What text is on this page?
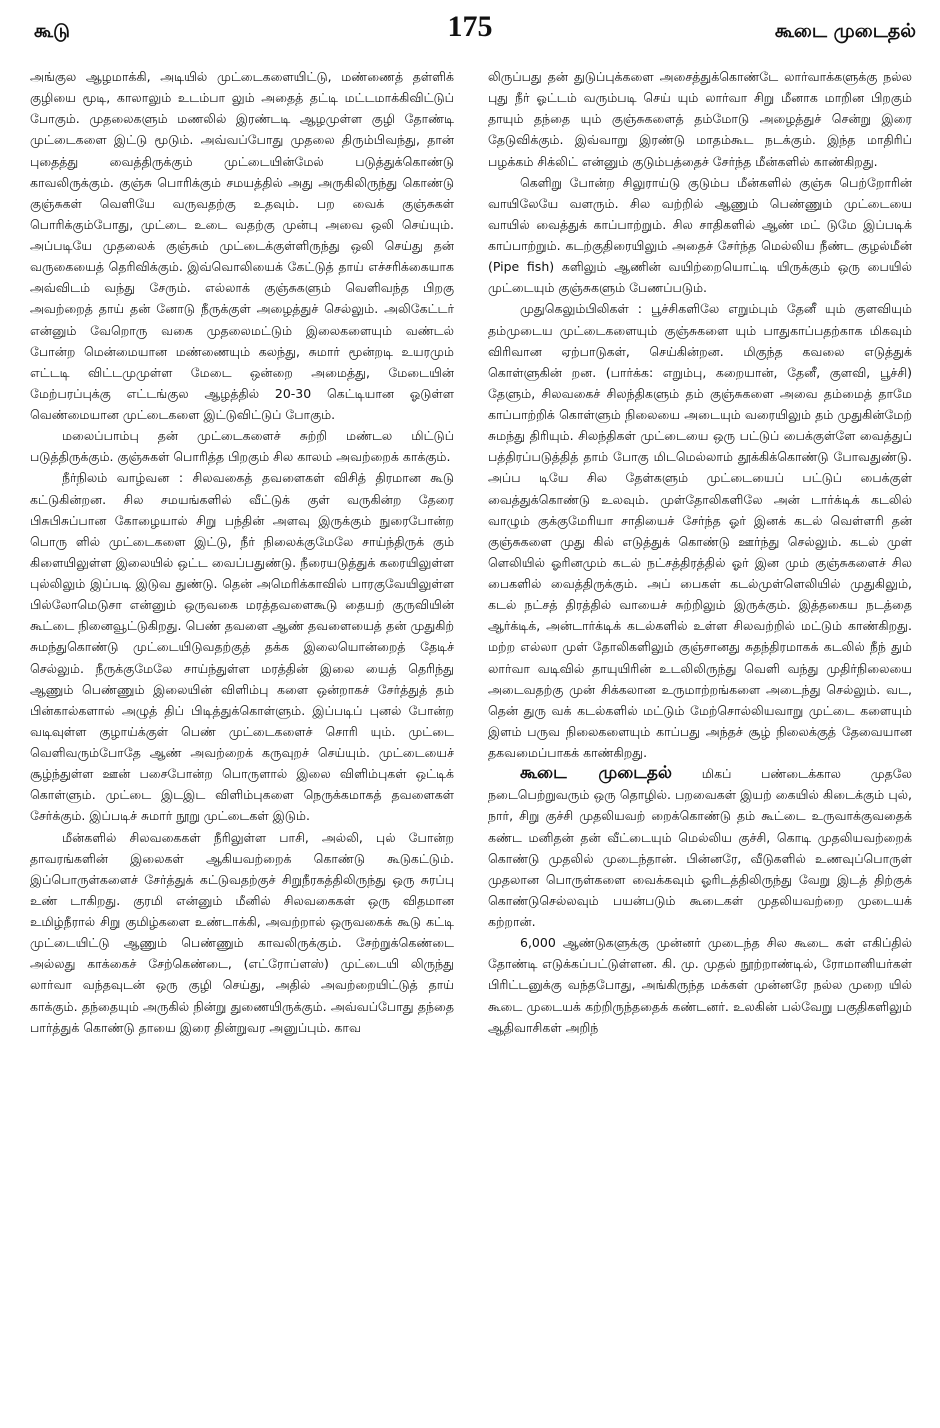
கூடு	175	கூடை முடைதல்

அங்குல ஆழமாக்கி, அடியில் முட்டைகளையிட்டு, மண்ணைத் தள்ளிக் குழியை மூடி, காலாலும் உடம்பா லும் அதைத் தட்டி மட்டமாக்கிவிட்டுப் போகும். முதலைகளும் மணலில் இரண்டடி ஆழமுள்ள குழி தோண்டி முட்டைகளை இட்டு மூடும். அவ்வப்போது முதலை திரும்பிவந்து, தான் புதைத்து வைத்திருக்கும் முட்டையின்மேல் படுத்துக்கொண்டு காவலிருக்கும். குஞ்சு பொரிக்கும் சமயத்தில் அது அருகிலிருந்து கொண்டு குஞ்சுகள் வெளியே வருவதற்கு உதவும். பற வைக் குஞ்சுகள் பொரிக்கும்போது, முட்டை உடை வதற்கு முன்பு அவை ஒலி செய்யும். அப்படியே முதலைக் குஞ்சும் முட்டைக்குள்ளிருந்து ஒலி செய்து தன் வருகையைத் தெரிவிக்கும். இவ்வொலியைக் கேட்டுத் தாய் எச்சரிக்கையாக அவ்விடம் வந்து சேரும். எல்லாக் குஞ்சுகளும் வெளிவந்த பிறகு அவற்றைத் தாய் தன் னோடு நீருக்குள் அழைத்துச் செல்லும். அலிகேட்டர் என்னும் வேறொரு வகை முதலைமட்டும் இலைகளையும் வண்டல் போன்ற மென்மையான மண்ணையும் கலந்து, சுமார் மூன்றடி உயரமும் எட்டடி விட்டமுமுள்ள மேடை ஒன்றை அமைத்து, மேடையின் மேற்பரப்புக்கு எட்டங்குல ஆழத்தில் 20-30 கெட்டியான ஓடுள்ள வெண்மையான முட்டைகளை இட்டுவிட்டுப் போகும்.

மலைப்பாம்பு தன் முட்டைகளைச் சுற்றி மண்டல மிட்டுப் படுத்திருக்கும். குஞ்சுகள் பொரித்த பிறகும் சில காலம் அவற்றைக் காக்கும்.

நீர்நிலம் வாழ்வன : சிலவகைத் தவளைகள் விசித் திரமான கூடு கட்டுகின்றன. சில சமயங்களில் வீட்டுக் குள் வருகின்ற தேரை பிசுபிசுப்பான கோழையால் சிறு பந்தின் அளவு இருக்கும் நுரைபோன்ற பொரு ளில் முட்டைகளை இட்டு, நீர் நிலைக்குமேலே சாய்ந்திருக் கும் கிளையிலுள்ள இலையில் ஒட்ட வைப்பதுண்டு. நீரையடுத்துக் கரையிலுள்ள புல்லிலும் இப்படி இடுவ துண்டு. தென் அமெரிக்காவில் பாரகுவேயிலுள்ள பில்லோமெடுசா என்னும் ஒருவகை மரத்தவளைகூடு தையற் குருவியின் கூட்டை நினைவூட்டுகிறது. பெண் தவளை ஆண் தவளையைத் தன் முதுகிற் சுமந்துகொண்டு முட்டையிடுவதற்குத் தக்க இலையொன்றைத் தேடிச் செல்லும். நீருக்குமேலே சாய்ந்துள்ள மரத்தின் இலை யைத் தெரிந்து ஆணும் பெண்ணும் இலையின் விளிம்பு களை ஒன்றாகச் சேர்த்துத் தம் பின்கால்களால் அழுத் திப் பிடித்துக்கொள்ளும். இப்படிப் புனல் போன்ற வடிவுள்ள குழாய்க்குள் பெண் முட்டைகளைச் சொரி யும். முட்டை வெளிவரும்போதே ஆண் அவற்றைக் கருவுறச் செய்யும். முட்டையைச் சூழ்ந்துள்ள ஊன் பசைபோன்ற பொருளால் இலை விளிம்புகள் ஒட்டிக் கொள்ளும். முட்டை இடஇட விளிம்புகளை நெருக்கமாகத் தவளைகள் சேர்க்கும். இப்படிச் சுமார் நூறு முட்டைகள் இடும்.

மீன்களில் சிலவகைகள் நீரிலுள்ள பாசி, அல்லி, புல் போன்ற தாவரங்களின் இலைகள் ஆகியவற்றைக் கொண்டு கூடுகட்டும். இப்பொருள்களைச் சேர்த்துக் கட்டுவதற்குச் சிறுநீரகத்திலிருந்து ஒரு சுரப்பு உண் டாகிறது. குரமி என்னும் மீனில் சிலவகைகள் ஒரு விதமான உமிழ்நீரால் சிறு குமிழ்களை உண்டாக்கி, அவற்றால் ஒருவகைக் கூடு கட்டி முட்டையிட்டு ஆணும் பெண்ணும் காவலிருக்கும். சேற்றுக்கெண்டை அல்லது காக்கைச் சேற்கெண்டை, (எட்ரோப்ளஸ்) முட்டையி லிருந்து லார்வா வந்தவுடன் ஒரு குழி செய்து, அதில் அவற்றையிட்டுத் தாய் காக்கும். தந்தையும் அருகில் நின்று துணையிருக்கும். அவ்வப்போது தந்தை பார்த்துக் கொண்டு தாயை இரை தின்றுவர அனுப்பும். காவ

லிருப்பது தன் துடுப்புக்களை அசைத்துக்கொண்டே லார்வாக்களுக்கு நல்ல புது நீர் ஓட்டம் வரும்படி செய் யும் லார்வா சிறு மீனாக மாறின பிறகும் தாயும் தந்தை யும் குஞ்சுகளைத் தம்மோடு அழைத்துச் சென்று இரை தேடுவிக்கும். இவ்வாறு இரண்டு மாதம்கூட நடக்கும். இந்த மாதிரிப் பழக்கம் சிக்லிட் என்னும் குடும்பத்தைச் சேர்ந்த மீன்களில் காண்கிறது.

கெளிறு போன்ற சிலுராய்டு குடும்ப மீன்களில் குஞ்சு பெற்றோரின் வாயிலேயே வளரும். சில வற்றில் ஆணும் பெண்ணும் முட்டையை வாயில் வைத்துக் காப்பாற்றும். சில சாதிகளில் ஆண் மட் டுமே இப்படிக் காப்பாற்றும். கடற்குதிரையிலும் அதைச் சேர்ந்த மெல்லிய நீண்ட குழல்மீன் (Pipe fish) களிலும் ஆணின் வயிற்றையொட்டி யிருக்கும் ஒரு பையில் முட்டையும் குஞ்சுகளும் பேணப்படும்.

முதுகெலும்பிலிகள் : பூச்சிகளிலே எறும்பும் தேனீ யும் குளவியும் தம்முடைய முட்டைகளையும் குஞ்சுகளை யும் பாதுகாப்பதற்காக மிகவும் விரிவான ஏற்பாடுகள், செய்கின்றன. மிகுந்த கவலை எடுத்துக் கொள்ளுகின் றன. (பார்க்க: எறும்பு, கறையான், தேனீ, குளவி, பூச்சி) தேளும், சிலவகைச் சிலந்திகளும் தம் குஞ்சுகளை அவை தம்மைத் தாமே காப்பாற்றிக் கொள்ளும் நிலையை அடையும் வரையிலும் தம் முதுகின்மேற் சுமந்து திரியும். சிலந்திகள் முட்டையை ஒரு பட்டுப் பைக்குள்ளே வைத்துப் பத்திரப்படுத்தித் தாம் போகு மிடமெல்லாம் தூக்கிக்கொண்டு போவதுண்டு. அப்ப டியே சில தேள்களும் முட்டையைப் பட்டுப் பைக்குள் வைத்துக்கொண்டு உலவும். முள்தோலிகளிலே அன் டார்க்டிக் கடலில் வாழும் குக்குமேரியா சாதியைச் சேர்ந்த ஓர் இனக் கடல் வெள்ளரி தன் குஞ்சுகளை முது கில் எடுத்துக் கொண்டு ஊர்ந்து செல்லும். கடல் முள் ளெலியில் ஓரினமும் கடல் நட்சத்திரத்தில் ஓர் இன மும் குஞ்சுகளைச் சில பைகளில் வைத்திருக்கும். அப் பைகள் கடல்முள்ளெலியில் முதுகிலும், கடல் நட்சத் திரத்தில் வாயைச் சுற்றிலும் இருக்கும். இத்தகைய நடத்தை ஆர்க்டிக், அன்டார்க்டிக் கடல்களில் உள்ள சிலவற்றில் மட்டும் காண்கிறது. மற்ற எல்லா முள் தோலிகளிலும் குஞ்சானது சுதந்திரமாகக் கடலில் நீந் தும் லார்வா வடிவில் தாயுயிரின் உடலிலிருந்து வெளி வந்து முதிர்நிலையை அடைவதற்கு முன் சிக்கலான உருமாற்றங்களை அடைந்து செல்லும். வட, தென் துரு வக் கடல்களில் மட்டும் மேற்சொல்லியவாறு முட்டை களையும் இளம் பருவ நிலைகளையும் காப்பது அந்தச் சூழ் நிலைக்குத் தேவையான தகவமைப்பாகக் காண்கிறது.

கூடை முடைதல் மிகப் பண்டைக்கால முதலே நடைபெற்றுவரும் ஒரு தொழில். பறவைகள் இயற் கையில் கிடைக்கும் புல், நார், சிறு குச்சி முதலியவற் றைக்கொண்டு தம் கூட்டை உருவாக்குவதைக் கண்ட மனிதன் தன் வீட்டையும் மெல்லிய குச்சி, கொடி முதலியவற்றைக் கொண்டு முதலில் முடைந்தான். பின்னரே, வீடுகளில் உணவுப்பொருள் முதலான பொருள்களை வைக்கவும் ஓரிடத்திலிருந்து வேறு இடத் திற்குக் கொண்டுசெல்லவும் பயன்படும் கூடைகள் முதலியவற்றை முடையக் கற்றான்.

6,000 ஆண்டுகளுக்கு முன்னர் முடைந்த சில கூடை கள் எகிப்தில் தோண்டி எடுக்கப்பட்டுள்ளன. கி. மு. முதல் நூற்றாண்டில், ரோமானியர்கள் பிரிட்டனுக்கு வந்தபோது, அங்கிருந்த மக்கள் முன்னரே நல்ல முறை யில் கூடை முடையக் கற்றிருந்ததைக் கண்டனர். உலகின் பல்வேறு பகுதிகளிலும் ஆதிவாசிகள் அறிந்
